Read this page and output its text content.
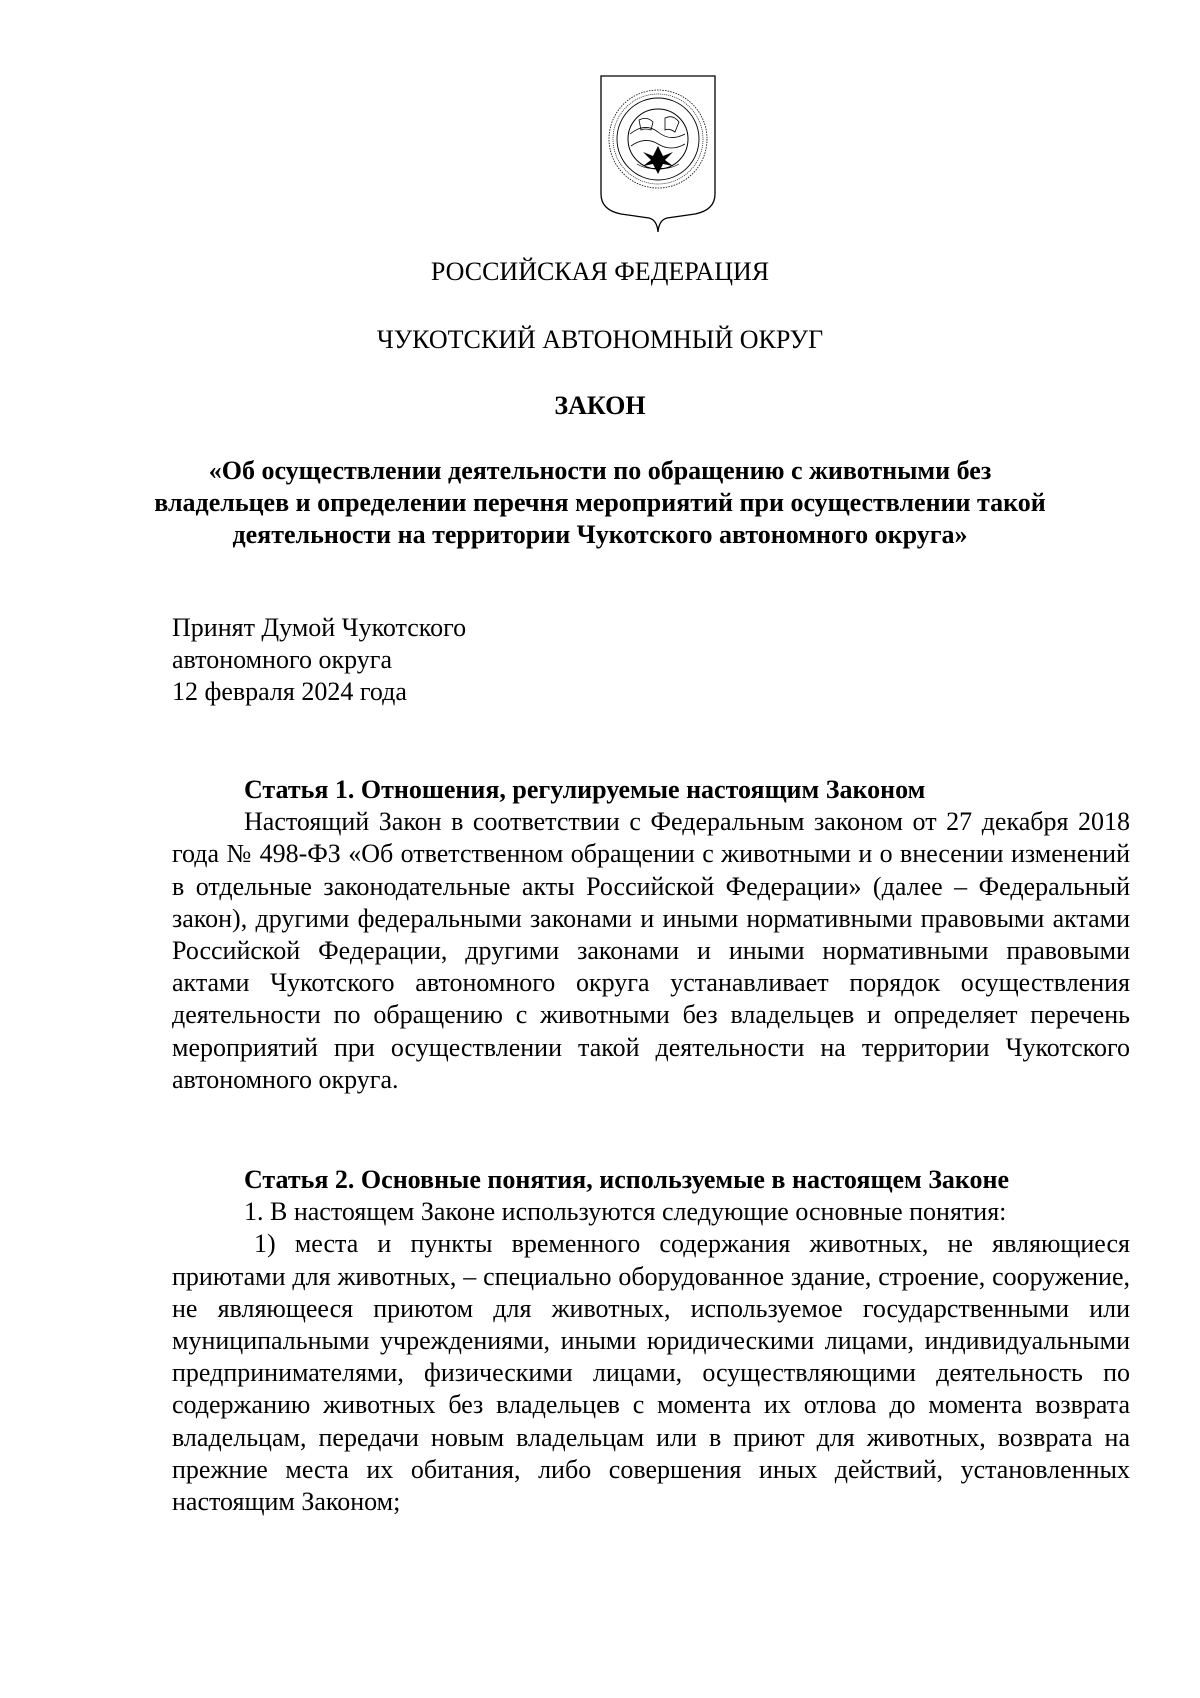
РОССИЙСКАЯ ФЕДЕРАЦИЯ
ЧУКОТСКИЙ АВТОНОМНЫЙ ОКРУГ
ЗАКОН

«Об осуществлении деятельности по обращению с животными без владельцев и определении перечня мероприятий при осуществлении такой деятельности на территории Чукотского автономного округа»

Принят Думой Чукотского
автономного округа
12 февраля 2024 года

Статья 1. Отношения, регулируемые настоящим Законом

Настоящий Закон в соответствии с Федеральным законом от 27 декабря 2018 года № 498-ФЗ «Об ответственном обращении с животными и о внесении изменений в отдельные законодательные акты Российской Федерации» (далее – Федеральный закон), другими федеральными законами и иными нормативными правовыми актами Российской Федерации, другими законами и иными нормативными правовыми актами Чукотского автономного округа устанавливает порядок осуществления деятельности по обращению с животными без владельцев и определяет перечень мероприятий при осуществлении такой деятельности на территории Чукотского автономного округа.

Статья 2. Основные понятия, используемые в настоящем Законе

1. В настоящем Законе используются следующие основные понятия:

1) места и пункты временного содержания животных, не являющиеся приютами для животных, – специально оборудованное здание, строение, сооружение, не являющееся приютом для животных, используемое государственными или муниципальными учреждениями, иными юридическими лицами, индивидуальными предпринимателями, физическими лицами, осуществляющими деятельность по содержанию животных без владельцев с момента их отлова до момента возврата владельцам, передачи новым владельцам или в приют для животных, возврата на прежние места их обитания, либо совершения иных действий, установленных настоящим Законом;
